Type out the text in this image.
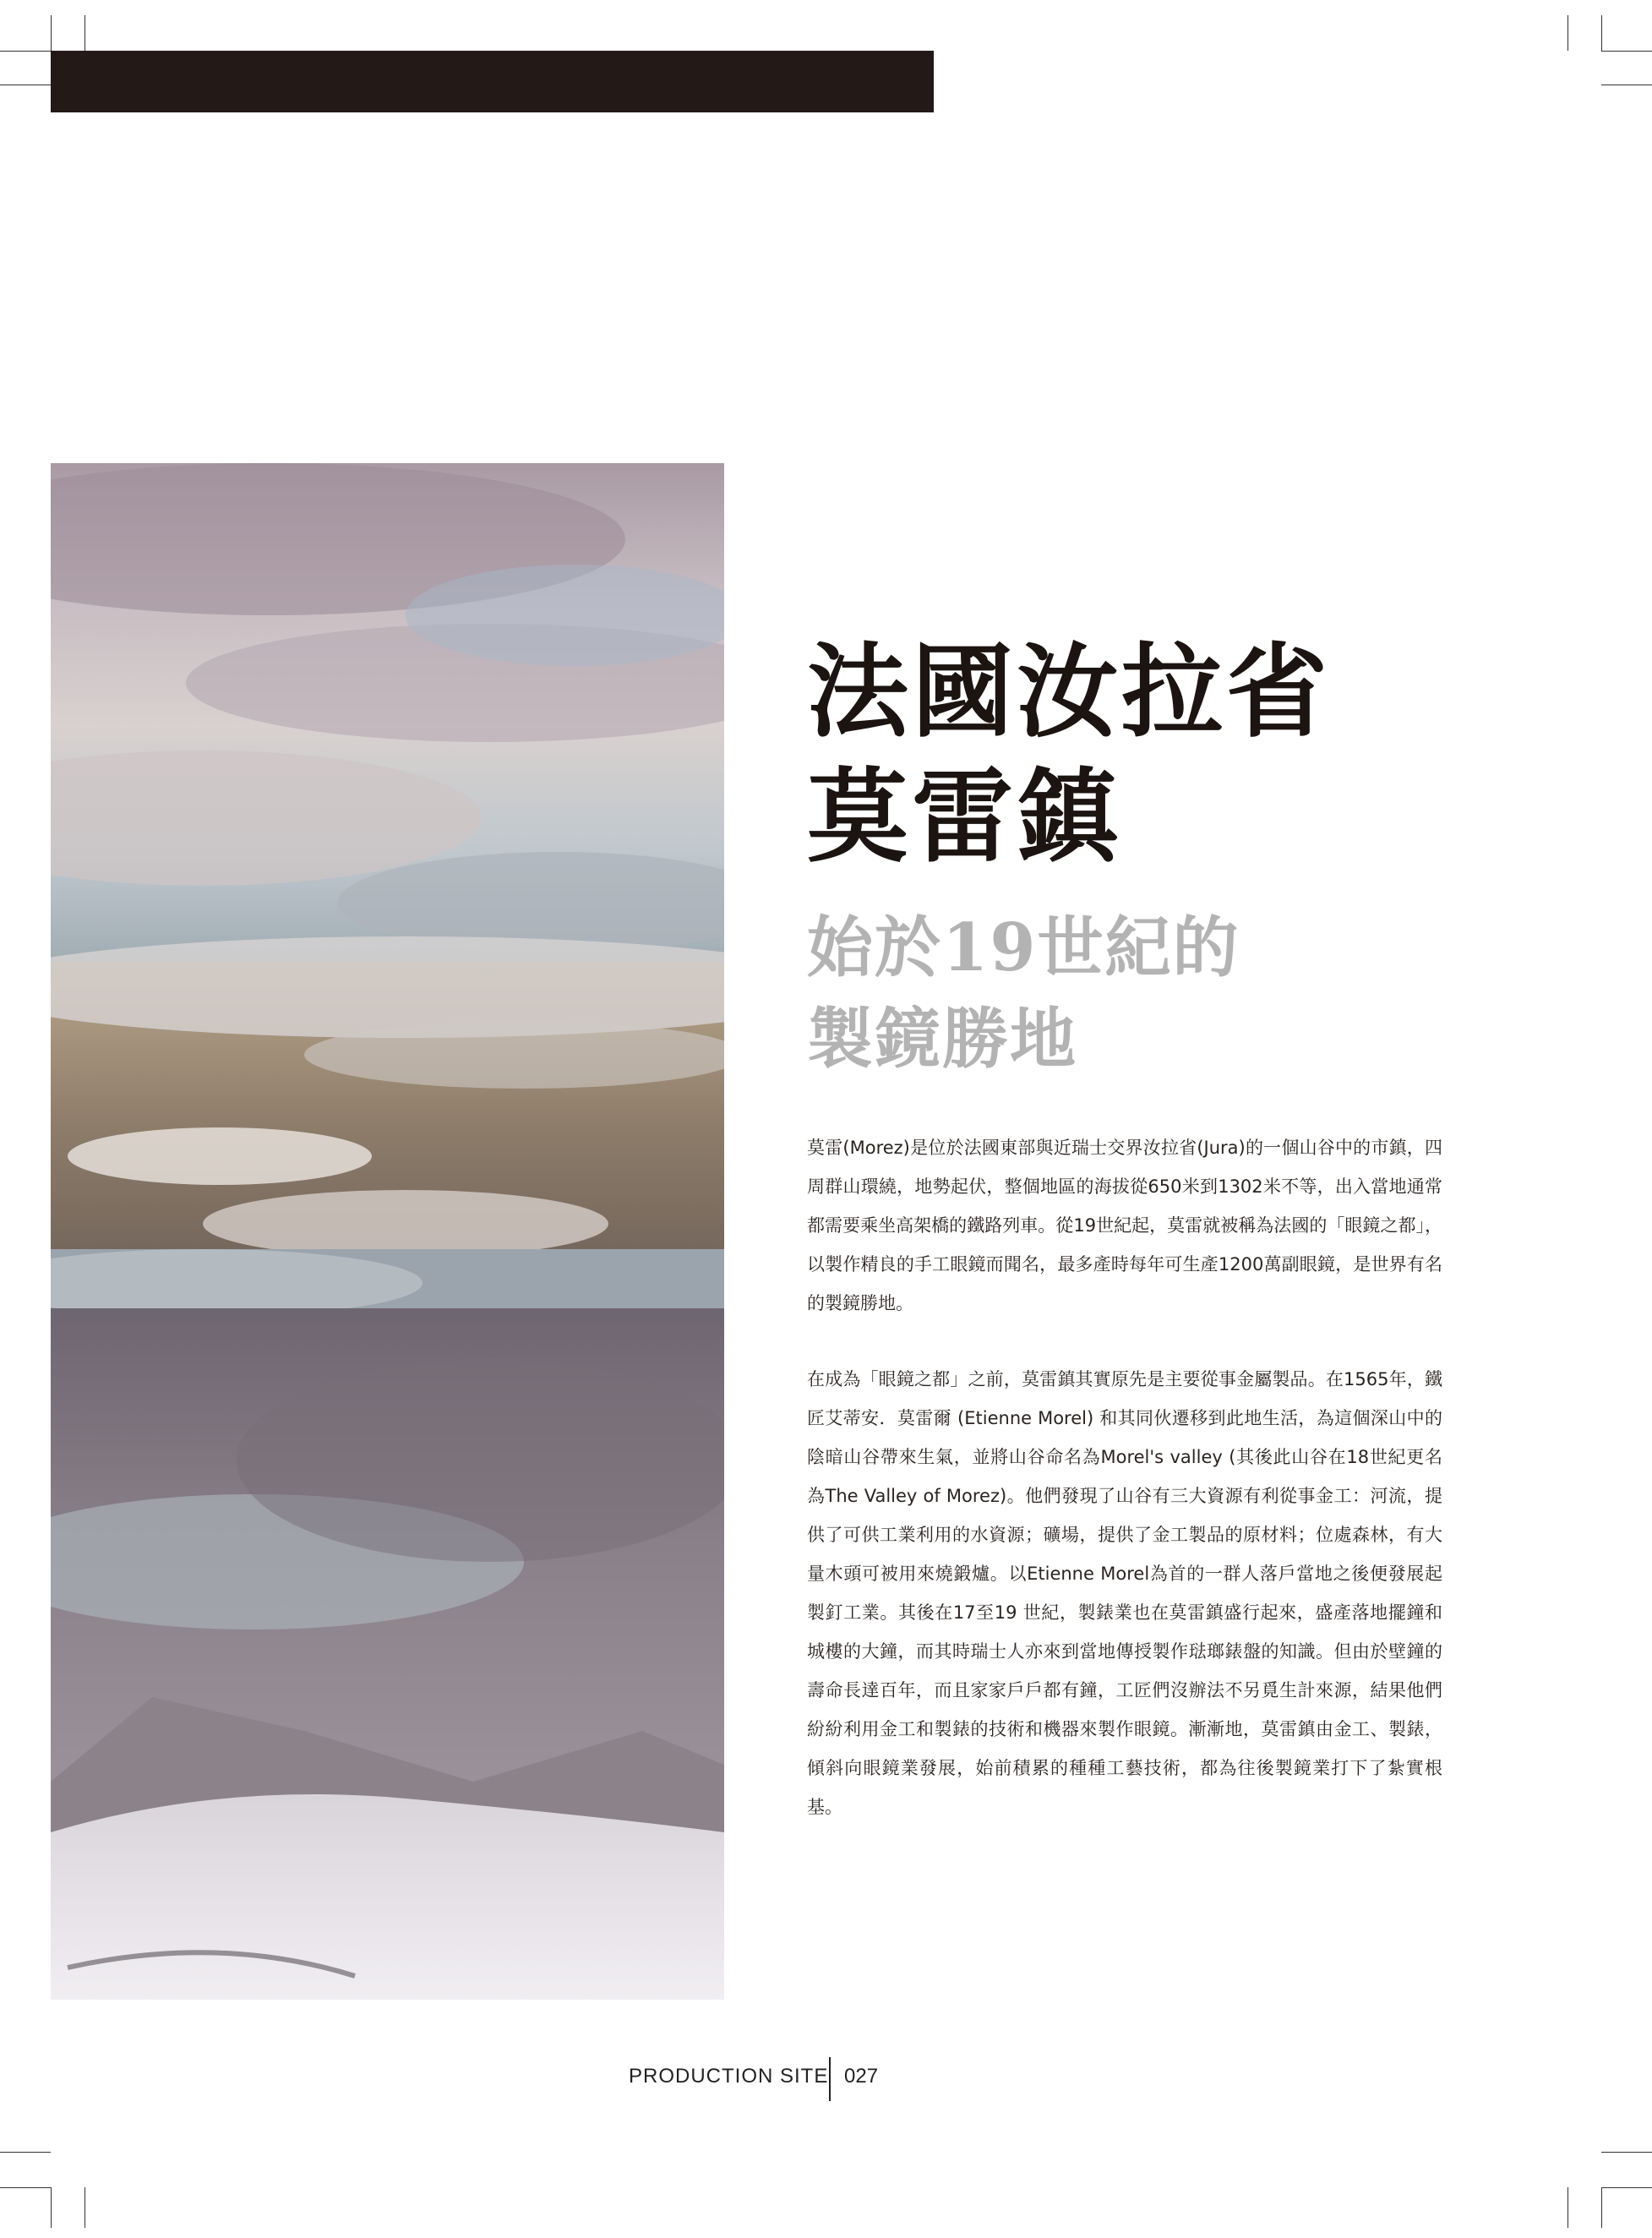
法國汝拉省
莫雷鎮
始於19世紀的
製鏡勝地

莫雷(Morez)是位於法國東部與近瑞士交界汝拉省(Jura)的一個山谷中的市鎮，四周群山環繞，地勢起伏，整個地區的海拔從650米到1302米不等，出入當地通常都需要乘坐高架橋的鐵路列車。從19世紀起，莫雷就被稱為法國的「眼鏡之都」，以製作精良的手工眼鏡而聞名，最多產時每年可生產1200萬副眼鏡，是世界有名的製鏡勝地。

在成為「眼鏡之都」之前，莫雷鎮其實原先是主要從事金屬製品。在1565年，鐵匠艾蒂安．莫雷爾 (Etienne Morel) 和其同伙遷移到此地生活，為這個深山中的陰暗山谷帶來生氣，並將山谷命名為Morel's valley (其後此山谷在18世紀更名為The Valley of Morez)。他們發現了山谷有三大資源有利從事金工：河流，提供了可供工業利用的水資源；礦場，提供了金工製品的原材料；位處森林，有大量木頭可被用來燒鍛爐。以Etienne Morel為首的一群人落戶當地之後便發展起製釘工業。其後在17至19 世紀，製錶業也在莫雷鎮盛行起來，盛產落地擺鐘和城樓的大鐘，而其時瑞士人亦來到當地傳授製作琺瑯錶盤的知識。但由於壁鐘的壽命長達百年，而且家家戶戶都有鐘，工匠們沒辦法不另覓生計來源，結果他們紛紛利用金工和製錶的技術和機器來製作眼鏡。漸漸地，莫雷鎮由金工、製錶，傾斜向眼鏡業發展，始前積累的種種工藝技術，都為往後製鏡業打下了紮實根基。

PRODUCTION SITE 027
